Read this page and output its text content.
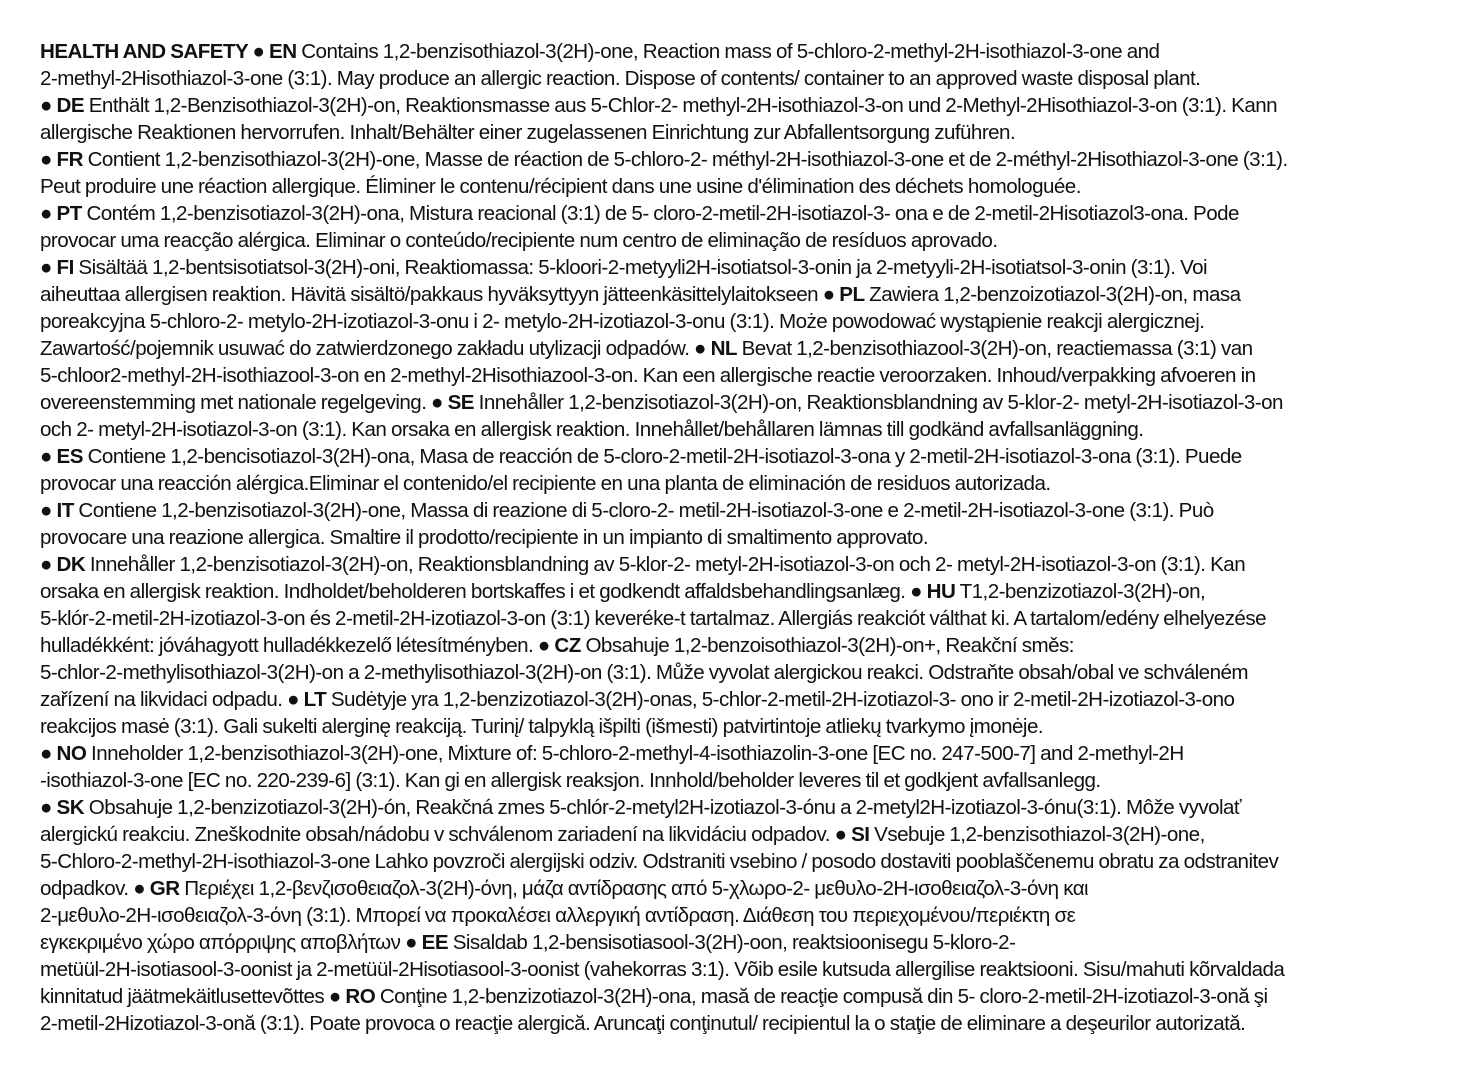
HEALTH AND SAFETY ● EN Contains 1,2-benzisothiazol-3(2H)-one, Reaction mass of 5-chloro-2-methyl-2H-isothiazol-3-one and
2-methyl-2Hisothiazol-3-one (3:1). May produce an allergic reaction. Dispose of contents/ container to an approved waste disposal plant.
● DE Enthält 1,2-Benzisothiazol-3(2H)-on, Reaktionsmasse aus 5-Chlor-2- methyl-2H-isothiazol-3-on und 2-Methyl-2Hisothiazol-3-on (3:1). Kann
allergische Reaktionen hervorrufen. Inhalt/Behälter einer zugelassenen Einrichtung zur Abfallentsorgung zuführen.
● FR Contient 1,2-benzisothiazol-3(2H)-one, Masse de réaction de 5-chloro-2- méthyl-2H-isothiazol-3-one et de 2-méthyl-2Hisothiazol-3-one (3:1).
Peut produire une réaction allergique. Éliminer le contenu/récipient dans une usine d'élimination des déchets homologuée.
● PT Contém 1,2-benzisotiazol-3(2H)-ona, Mistura reacional (3:1) de 5- cloro-2-metil-2H-isotiazol-3- ona e de 2-metil-2Hisotiazol3-ona. Pode
provocar uma reacção alérgica. Eliminar o conteúdo/recipiente num centro de eliminação de resíduos aprovado.
● FI Sisältää 1,2-bentsisotiatsol-3(2H)-oni, Reaktiomassa: 5-kloori-2-metyyli2H-isotiatsol-3-onin ja 2-metyyli-2H-isotiatsol-3-onin (3:1). Voi
aiheuttaa allergisen reaktion. Hävitä sisältö/pakkaus hyväksyttyyn jätteenkäsittelylaitokseen ● PL Zawiera 1,2-benzoizotiazol-3(2H)-on, masa
poreakcyjna 5-chloro-2- metylo-2H-izotiazol-3-onu i 2- metylo-2H-izotiazol-3-onu (3:1). Może powodować wystąpienie reakcji alergicznej.
Zawartość/pojemnik usuwać do zatwierdzonego zakładu utylizacji odpadów. ● NL Bevat 1,2-benzisothiazool-3(2H)-on, reactiemassa (3:1) van
5-chloor2-methyl-2H-isothiazool-3-on en 2-methyl-2Hisothiazool-3-on. Kan een allergische reactie veroorzaken. Inhoud/verpakking afvoeren in
overeenstemming met nationale regelgeving. ● SE Innehåller 1,2-benzisotiazol-3(2H)-on, Reaktionsblandning av 5-klor-2- metyl-2H-isotiazol-3-on
och 2- metyl-2H-isotiazol-3-on (3:1). Kan orsaka en allergisk reaktion. Innehållet/behållaren lämnas till godkänd avfallsanläggning.
● ES Contiene 1,2-bencisotiazol-3(2H)-ona, Masa de reacción de 5-cloro-2-metil-2H-isotiazol-3-ona y 2-metil-2H-isotiazol-3-ona (3:1). Puede
provocar una reacción alérgica.Eliminar el contenido/el recipiente en una planta de eliminación de residuos autorizada.
● IT Contiene 1,2-benzisotiazol-3(2H)-one, Massa di reazione di 5-cloro-2- metil-2H-isotiazol-3-one e 2-metil-2H-isotiazol-3-one (3:1). Può
provocare una reazione allergica. Smaltire il prodotto/recipiente in un impianto di smaltimento approvato.
● DK Innehåller 1,2-benzisotiazol-3(2H)-on, Reaktionsblandning av 5-klor-2- metyl-2H-isotiazol-3-on och 2- metyl-2H-isotiazol-3-on (3:1). Kan
orsaka en allergisk reaktion. Indholdet/beholderen bortskaffes i et godkendt affaldsbehandlingsanlæg. ● HU T1,2-benzizotiazol-3(2H)-on,
5-klór-2-metil-2H-izotiazol-3-on és 2-metil-2H-izotiazol-3-on (3:1) keveréke-t tartalmaz. Allergiás reakciót válthat ki. A tartalom/edény elhelyezése
hulladékként: jóváhagyott hulladékkezelő létesítményben. ● CZ Obsahuje 1,2-benzoisothiazol-3(2H)-on+, Reakční směs:
5-chlor-2-methylisothiazol-3(2H)-on a 2-methylisothiazol-3(2H)-on (3:1). Může vyvolat alergickou reakci. Odstraňte obsah/obal ve schváleném
zařízení na likvidaci odpadu. ● LT Sudėtyje yra 1,2-benzizotiazol-3(2H)-onas, 5-chlor-2-metil-2H-izotiazol-3- ono ir 2-metil-2H-izotiazol-3-ono
reakcijos masė (3:1). Gali sukelti alerginę reakciją. Turinį/ talpyklą išpilti (išmesti) patvirtintoje atliekų tvarkymo įmonėje.
● NO Inneholder 1,2-benzisothiazol-3(2H)-one, Mixture of: 5-chloro-2-methyl-4-isothiazolin-3-one [EC no. 247-500-7] and 2-methyl-2H
-isothiazol-3-one [EC no. 220-239-6] (3:1). Kan gi en allergisk reaksjon. Innhold/beholder leveres til et godkjent avfallsanlegg.
● SK Obsahuje 1,2-benzizotiazol-3(2H)-ón, Reakčná zmes 5-chlór-2-metyl2H-izotiazol-3-ónu a 2-metyl2H-izotiazol-3-ónu(3:1). Môže vyvolať
alergickú reakciu. Zneškodnite obsah/nádobu v schválenom zariadení na likvidáciu odpadov. ● SI Vsebuje 1,2-benzisothiazol-3(2H)-one,
5-Chloro-2-methyl-2H-isothiazol-3-one Lahko povzroči alergijski odziv. Odstraniti vsebino / posodo dostaviti pooblaščenemu obratu za odstranitev
odpadkov. ● GR Περιέχει 1,2-βενζισοθειαζολ-3(2Η)-όνη, μάζα αντίδρασης από 5-χλωρο-2- μεθυλο-2Η-ισοθειαζολ-3-όνη και
2-μεθυλο-2Η-ισοθειαζολ-3-όνη (3:1). Μπορεί να προκαλέσει αλλεργική αντίδραση. Διάθεση του περιεχομένου/περιέκτη σε
εγκεκριμένο χώρο απόρριψης αποβλήτων ● EE Sisaldab 1,2-bensisotiasool-3(2H)-oon, reaktsioonisegu 5-kloro-2-
metüül-2H-isotiasool-3-oonist ja 2-metüül-2Hisotiasool-3-oonist (vahekorras 3:1). Võib esile kutsuda allergilise reaktsiooni. Sisu/mahuti kõrvaldada
kinnitatud jäätmekäitlusettevõttes ● RO Conţine 1,2-benzizotiazol-3(2H)-ona, masă de reacţie compusă din 5- cloro-2-metil-2H-izotiazol-3-onă şi
2-metil-2Hizotiazol-3-onă (3:1). Poate provoca o reacţie alergică. Aruncaţi conţinutul/ recipientul la o staţie de eliminare a deşeurilor autorizată.
